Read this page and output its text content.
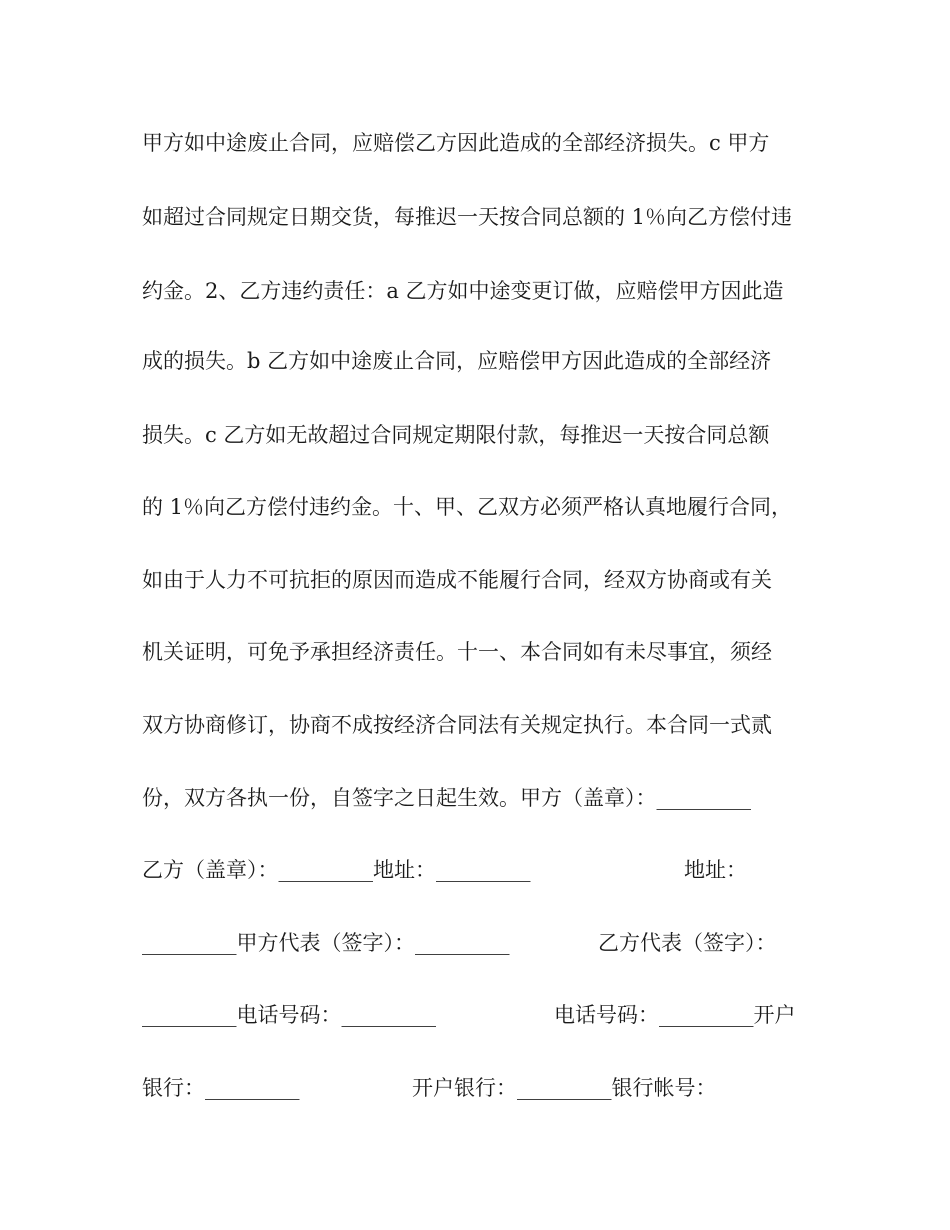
甲方如中途废止合同，应赔偿乙方因此造成的全部经济损失。c 甲方

如超过合同规定日期交货，每推迟一天按合同总额的 1％向乙方偿付违

约金。2、乙方违约责任：a 乙方如中途变更订做，应赔偿甲方因此造

成的损失。b 乙方如中途废止合同，应赔偿甲方因此造成的全部经济

损失。c 乙方如无故超过合同规定期限付款，每推迟一天按合同总额

的 1％向乙方偿付违约金。十、甲、乙双方必须严格认真地履行合同，

如由于人力不可抗拒的原因而造成不能履行合同，经双方协商或有关

机关证明，可免予承担经济责任。十一、本合同如有未尽事宜，须经

双方协商修订，协商不成按经济合同法有关规定执行。本合同一式贰

份，双方各执一份，自签字之日起生效。甲方（盖章）：_________

乙方（盖章）：_________地址：_________	地址：
_________甲方代表（签字）：_________	乙方代表（签字）：
_________电话号码：_________	电话号码：_________开户
银行：_________	开户银行：_________银行帐号：
